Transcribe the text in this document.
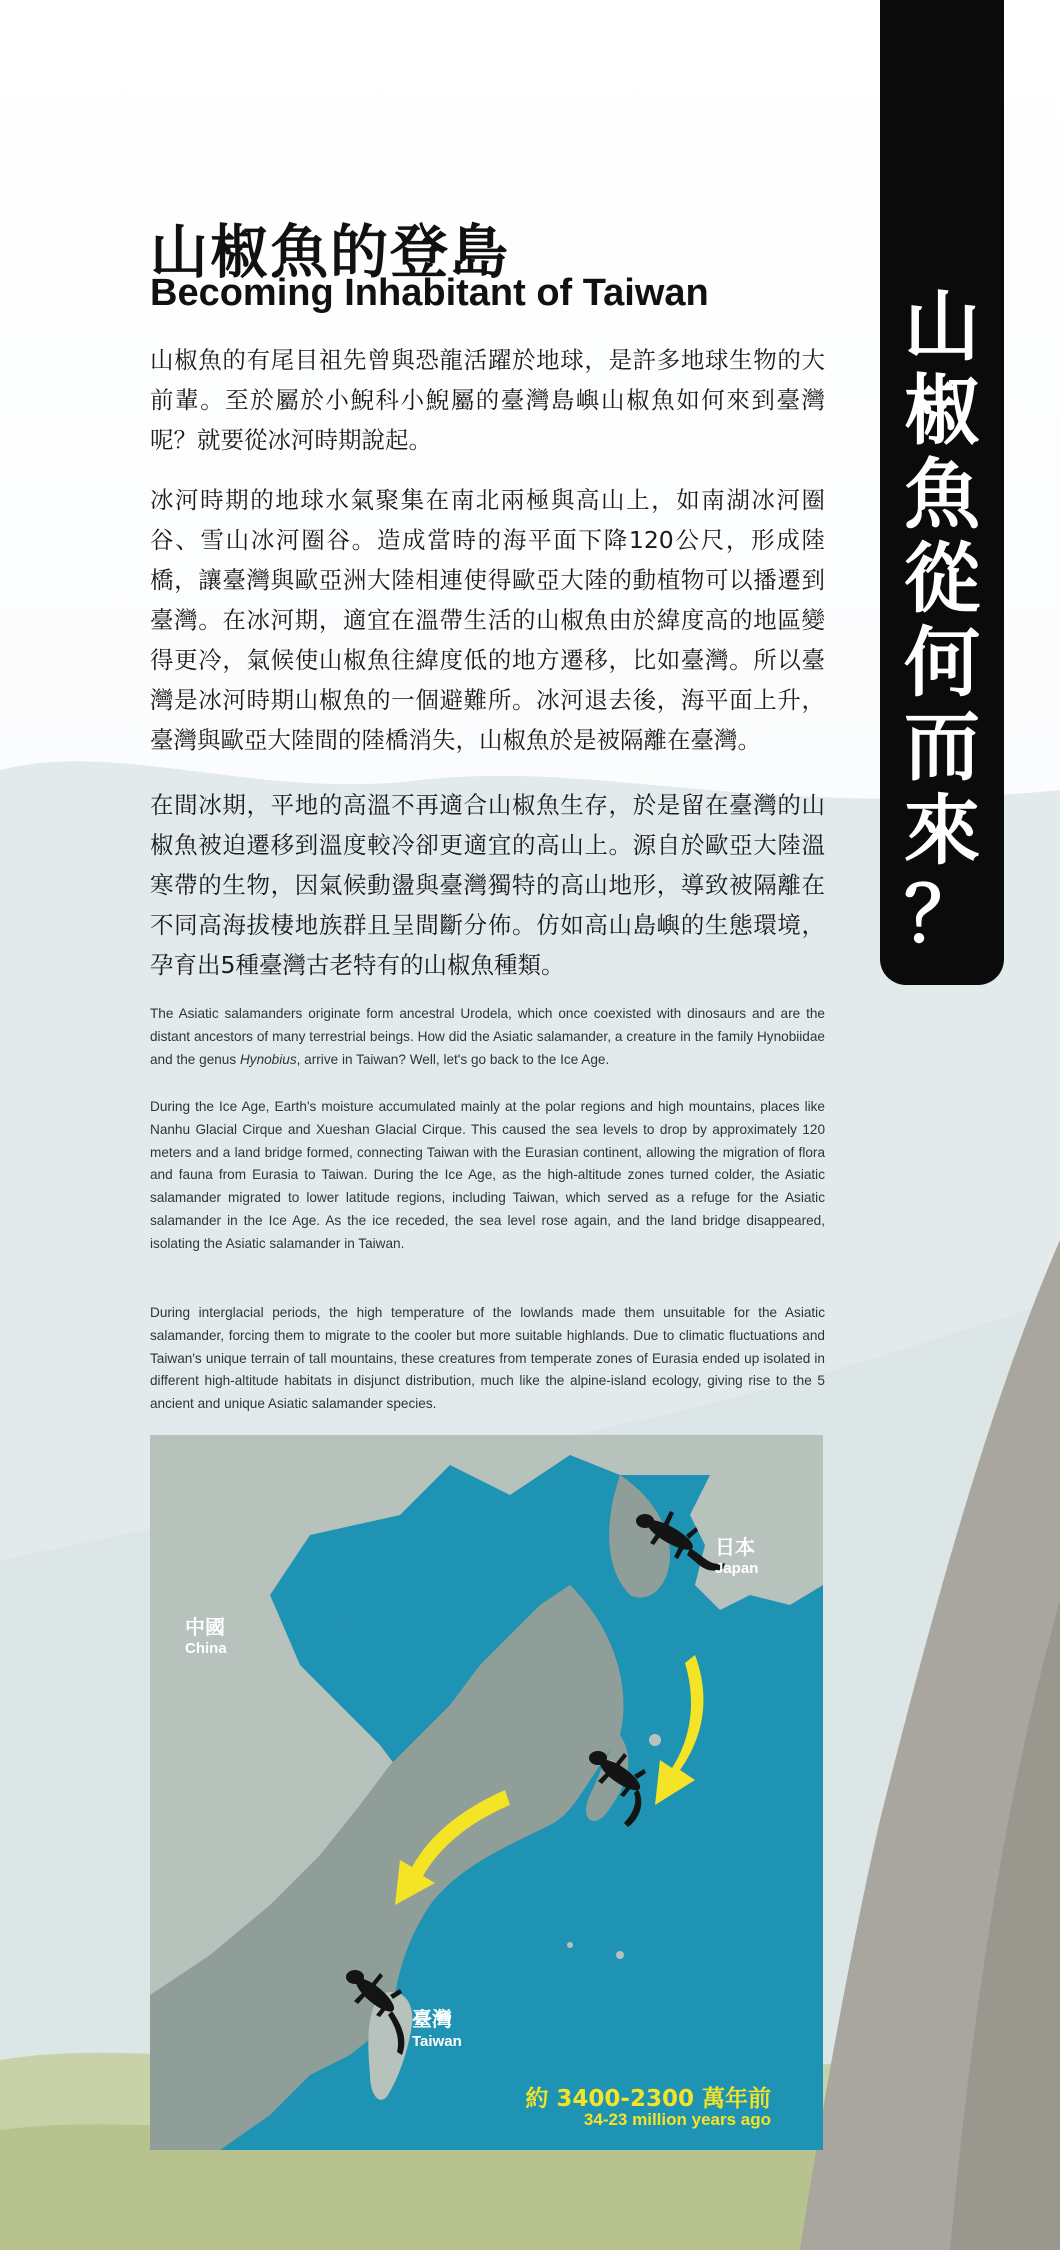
山
椒
魚
從
何
而
來
？
山椒魚的登島
Becoming Inhabitant of Taiwan

山椒魚的有尾目祖先曾與恐龍活躍於地球，是許多地球生物的大前輩。至於屬於小鯢科小鯢屬的臺灣島嶼山椒魚如何來到臺灣呢？就要從冰河時期說起。

冰河時期的地球水氣聚集在南北兩極與高山上，如南湖冰河圈谷、雪山冰河圈谷。造成當時的海平面下降120公尺，形成陸橋，讓臺灣與歐亞洲大陸相連使得歐亞大陸的動植物可以播遷到臺灣。在冰河期，適宜在溫帶生活的山椒魚由於緯度高的地區變得更冷，氣候使山椒魚往緯度低的地方遷移，比如臺灣。所以臺灣是冰河時期山椒魚的一個避難所。冰河退去後，海平面上升，臺灣與歐亞大陸間的陸橋消失，山椒魚於是被隔離在臺灣。

在間冰期，平地的高溫不再適合山椒魚生存，於是留在臺灣的山椒魚被迫遷移到溫度較冷卻更適宜的高山上。源自於歐亞大陸溫寒帶的生物，因氣候動盪與臺灣獨特的高山地形，導致被隔離在不同高海拔棲地族群且呈間斷分佈。仿如高山島嶼的生態環境，孕育出5種臺灣古老特有的山椒魚種類。

The Asiatic salamanders originate form ancestral Urodela, which once coexisted with dinosaurs and are the distant ancestors of many terrestrial beings. How did the Asiatic salamander, a creature in the family Hynobiidae and the genus Hynobius, arrive in Taiwan? Well, let's go back to the Ice Age.

During the Ice Age, Earth's moisture accumulated mainly at the polar regions and high mountains, places like Nanhu Glacial Cirque and Xueshan Glacial Cirque. This caused the sea levels to drop by approximately 120 meters and a land bridge formed, connecting Taiwan with the Eurasian continent, allowing the migration of flora and fauna from Eurasia to Taiwan. During the Ice Age, as the high-altitude zones turned colder, the Asiatic salamander migrated to lower latitude regions, including Taiwan, which served as a refuge for the Asiatic salamander in the Ice Age. As the ice receded, the sea level rose again, and the land bridge disappeared, isolating the Asiatic salamander in Taiwan.

During interglacial periods, the high temperature of the lowlands made them unsuitable for the Asiatic salamander, forcing them to migrate to the cooler but more suitable highlands. Due to climatic fluctuations and Taiwan's unique terrain of tall mountains, these creatures from temperate zones of Eurasia ended up isolated in different high-altitude habitats in disjunct distribution, much like the alpine-island ecology, giving rise to the 5 ancient and unique Asiatic salamander species.

中國
China
日本
Japan
臺灣
Taiwan
約 3400-2300 萬年前
34-23 million years ago
